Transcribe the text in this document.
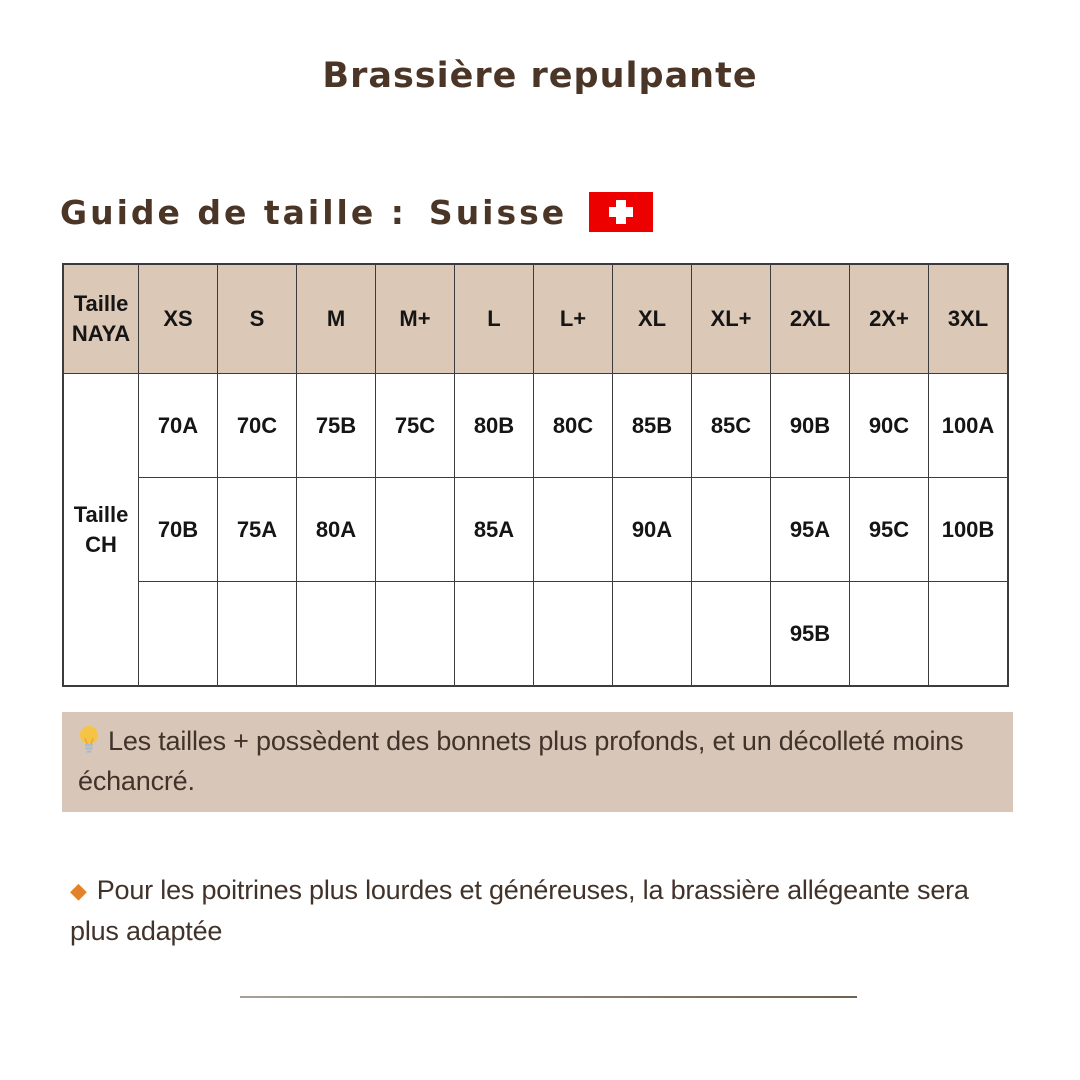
Brassière repulpante
Guide de taille : Suisse
Taille
NAYA	XS	S	M	M+	L	L+	XL	XL+	2XL	2X+	3XL
Taille
CH	70A	70C	75B	75C	80B	80C	85B	85C	90B	90C	100A
	70B	75A	80A		85A		90A		95A	95C	100B
									95B		
Les tailles + possèdent des bonnets plus profonds, et un décolleté moins échancré.
◆ Pour les poitrines plus lourdes et généreuses, la brassière allégeante sera plus adaptée
